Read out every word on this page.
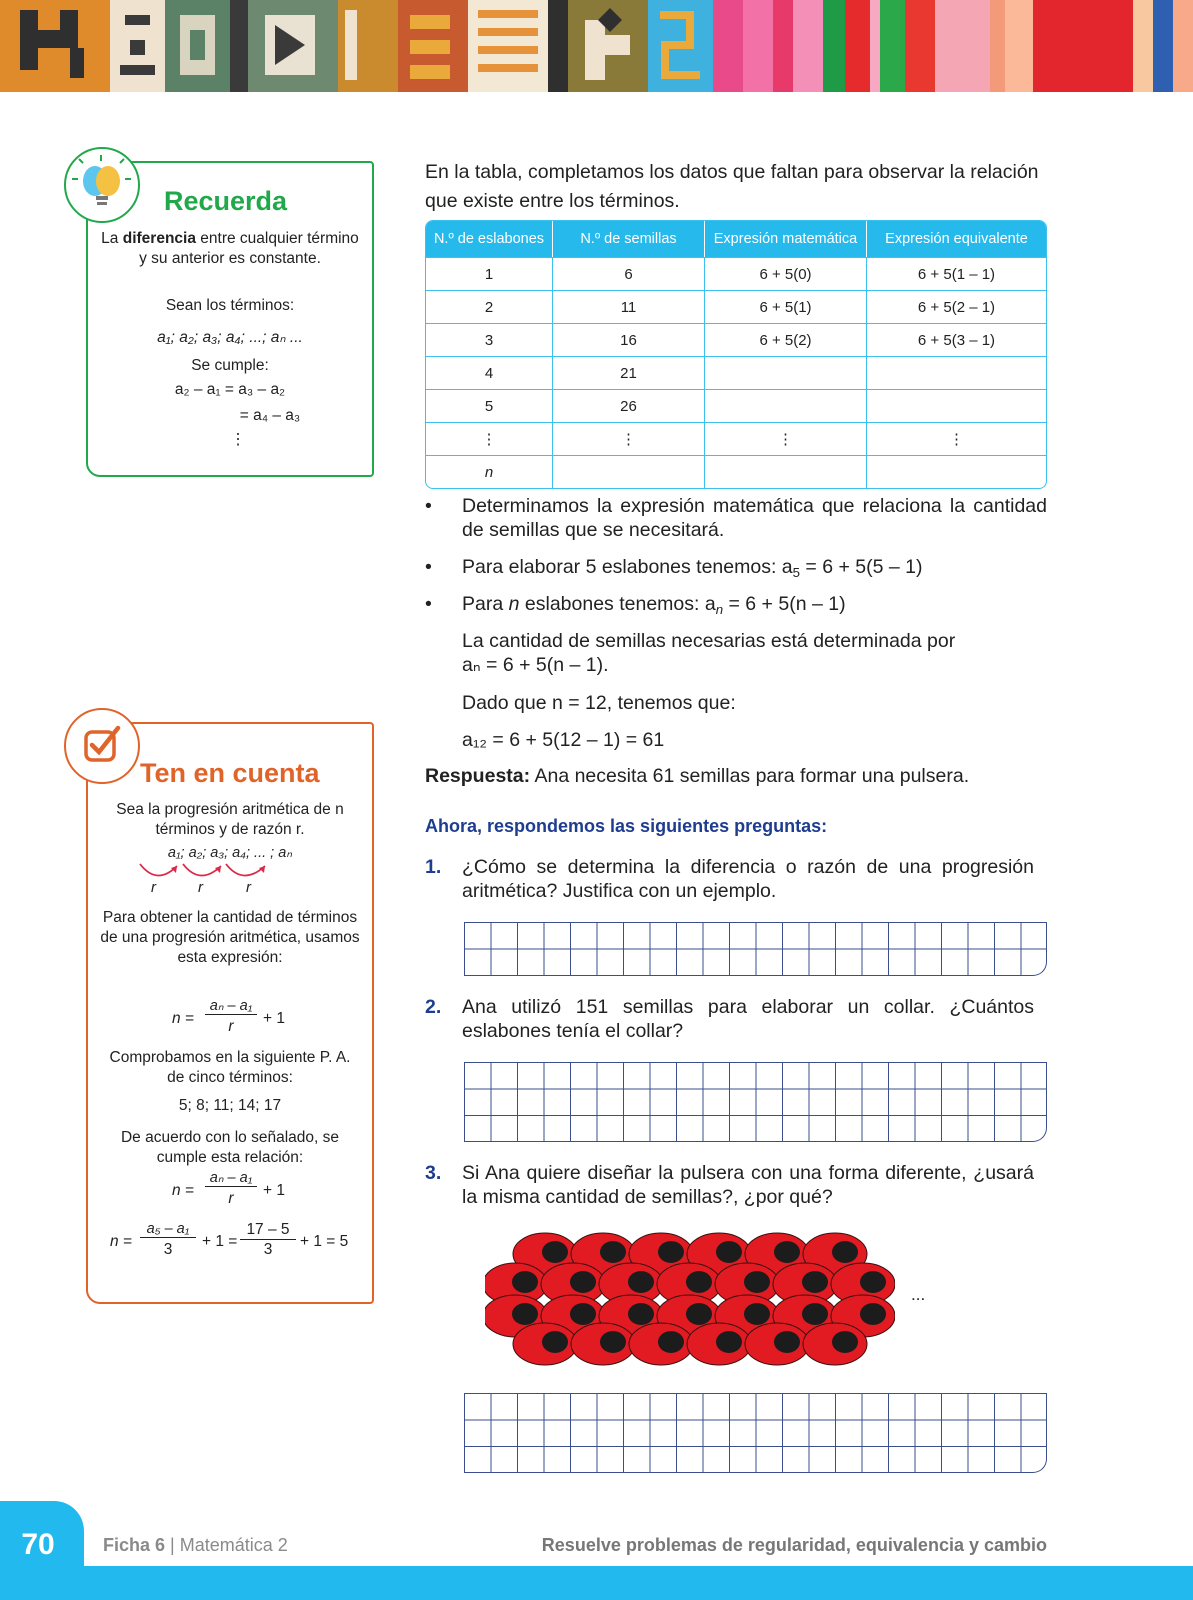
Recuerda
La diferencia entre cualquier término y su anterior es constante.
Sean los términos:
a₁; a₂; a₃; a₄; ...; aₙ ...
Se cumple:
a₂ – a₁ = a₃ – a₂
= a₄ – a₃
⋮
Ten en cuenta
Sea la progresión aritmética de n términos y de razón r.
a₁; a₂; a₃; a₄; ... ; aₙ
r	r	r
Para obtener la cantidad de términos de una progresión aritmética, usamos esta expresión:
n =
aₙ – a₁
r	+ 1
Comprobamos en la siguiente P. A. de cinco términos:
5; 8; 11; 14; 17
De acuerdo con lo señalado, se cumple esta relación:
n =
aₙ – a₁
r	+ 1
n =
a₅ – a₁
3	+ 1 =
17 – 5
3	+ 1 = 5
En la tabla, completamos los datos que faltan para observar la relación que existe entre los términos.
N.º de eslabones	N.º de semillas	Expresión matemática	Expresión equivalente
1	6	6 + 5(0)	6 + 5(1 – 1)
2	11	6 + 5(1)	6 + 5(2 – 1)
3	16	6 + 5(2)	6 + 5(3 – 1)
4	21		
5	26		
⋮	⋮	⋮	⋮
n			
• Determinamos la expresión matemática que relaciona la cantidad de semillas que se necesitará.
• Para elaborar 5 eslabones tenemos: $a_5 = 6 + 5(5 - 1)$
• Para n eslabones tenemos: $a_n = 6 + 5(n - 1)$
La cantidad de semillas necesarias está determinada por
aₙ = 6 + 5(n – 1).
Dado que n = 12, tenemos que:
a₁₂ = 6 + 5(12 – 1) = 61
Respuesta: Ana necesita 61 semillas para formar una pulsera.
Ahora, respondemos las siguientes preguntas:
1. ¿Cómo se determina la diferencia o razón de una progresión aritmética? Justifica con un ejemplo.
2. Ana utilizó 151 semillas para elaborar un collar. ¿Cuántos eslabones tenía el collar?
3. Si Ana quiere diseñar la pulsera con una forma diferente, ¿usará la misma cantidad de semillas?, ¿por qué?
...
70	Ficha 6 | Matemática 2	Resuelve problemas de regularidad, equivalencia y cambio
